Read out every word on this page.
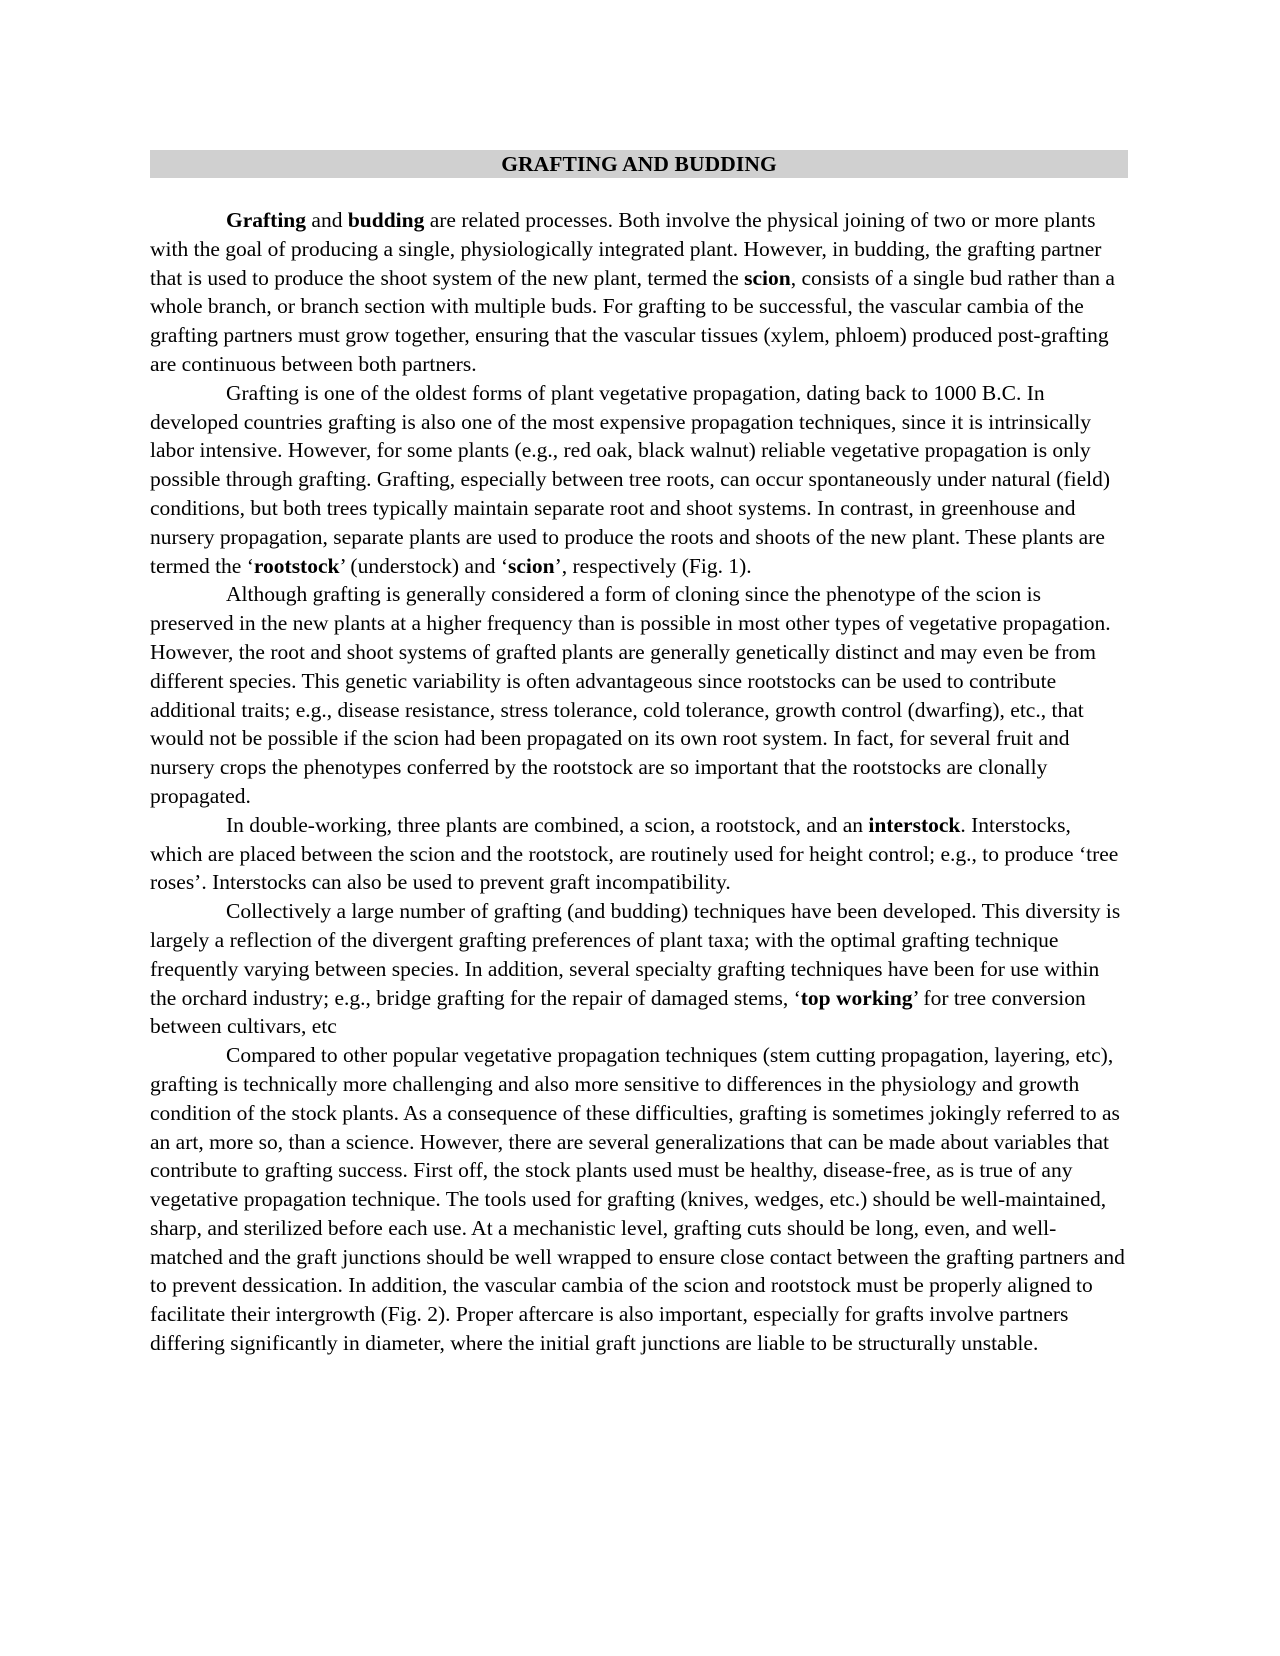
GRAFTING AND BUDDING

Grafting and budding are related processes. Both involve the physical joining of two or more plants with the goal of producing a single, physiologically integrated plant. However, in budding, the grafting partner that is used to produce the shoot system of the new plant, termed the scion, consists of a single bud rather than a whole branch, or branch section with multiple buds. For grafting to be successful, the vascular cambia of the grafting partners must grow together, ensuring that the vascular tissues (xylem, phloem) produced post-grafting are continuous between both partners.

Grafting is one of the oldest forms of plant vegetative propagation, dating back to 1000 B.C. In developed countries grafting is also one of the most expensive propagation techniques, since it is intrinsically labor intensive. However, for some plants (e.g., red oak, black walnut) reliable vegetative propagation is only possible through grafting. Grafting, especially between tree roots, can occur spontaneously under natural (field) conditions, but both trees typically maintain separate root and shoot systems. In contrast, in greenhouse and nursery propagation, separate plants are used to produce the roots and shoots of the new plant. These plants are termed the ‘rootstock’ (understock) and ‘scion’, respectively (Fig. 1).

Although grafting is generally considered a form of cloning since the phenotype of the scion is preserved in the new plants at a higher frequency than is possible in most other types of vegetative propagation. However, the root and shoot systems of grafted plants are generally genetically distinct and may even be from different species. This genetic variability is often advantageous since rootstocks can be used to contribute additional traits; e.g., disease resistance, stress tolerance, cold tolerance, growth control (dwarfing), etc., that would not be possible if the scion had been propagated on its own root system. In fact, for several fruit and nursery crops the phenotypes conferred by the rootstock are so important that the rootstocks are clonally propagated.

In double-working, three plants are combined, a scion, a rootstock, and an interstock. Interstocks, which are placed between the scion and the rootstock, are routinely used for height control; e.g., to produce ‘tree roses’. Interstocks can also be used to prevent graft incompatibility.

Collectively a large number of grafting (and budding) techniques have been developed. This diversity is largely a reflection of the divergent grafting preferences of plant taxa; with the optimal grafting technique frequently varying between species. In addition, several specialty grafting techniques have been for use within the orchard industry; e.g., bridge grafting for the repair of damaged stems, ‘top working’ for tree conversion between cultivars, etc

Compared to other popular vegetative propagation techniques (stem cutting propagation, layering, etc), grafting is technically more challenging and also more sensitive to differences in the physiology and growth condition of the stock plants. As a consequence of these difficulties, grafting is sometimes jokingly referred to as an art, more so, than a science. However, there are several generalizations that can be made about variables that contribute to grafting success. First off, the stock plants used must be healthy, disease-free, as is true of any vegetative propagation technique. The tools used for grafting (knives, wedges, etc.) should be well-maintained, sharp, and sterilized before each use. At a mechanistic level, grafting cuts should be long, even, and well-matched and the graft junctions should be well wrapped to ensure close contact between the grafting partners and to prevent dessication. In addition, the vascular cambia of the scion and rootstock must be properly aligned to facilitate their intergrowth (Fig. 2). Proper aftercare is also important, especially for grafts involve partners differing significantly in diameter, where the initial graft junctions are liable to be structurally unstable.
